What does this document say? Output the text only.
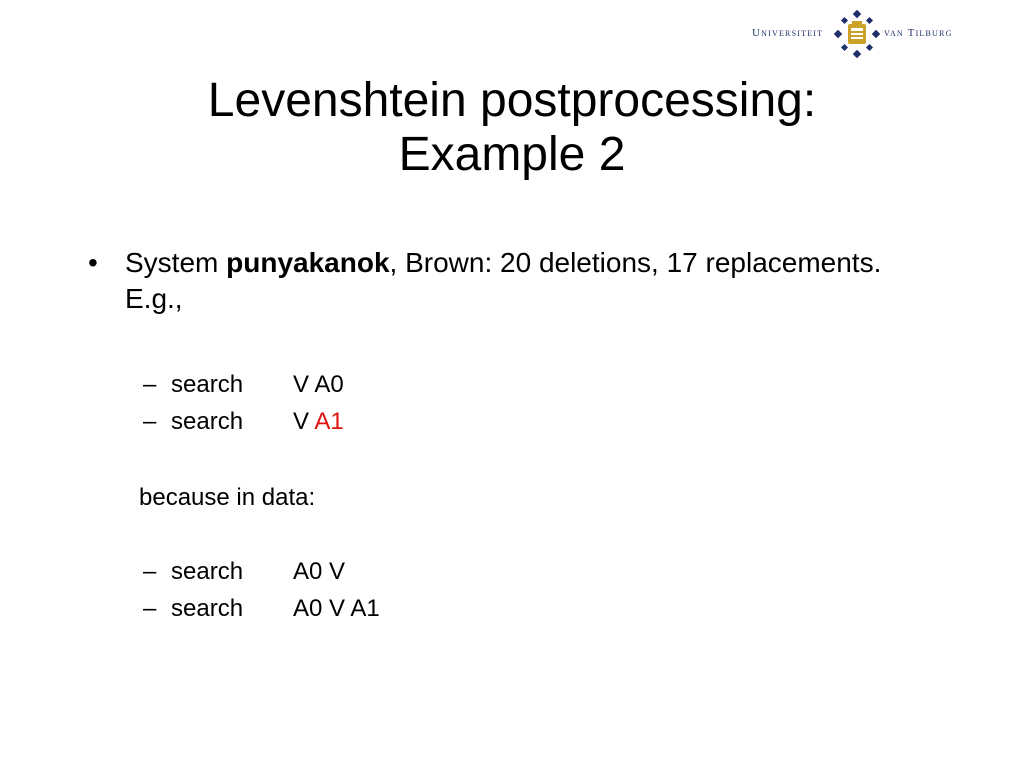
Universiteit	van Tilburg
Levenshtein postprocessing:
Example 2
• System punyakanok, Brown: 20 deletions, 17 replacements. E.g.,
– search V A0
– search V A1
because in data:
– search A0 V
– search A0 V A1
